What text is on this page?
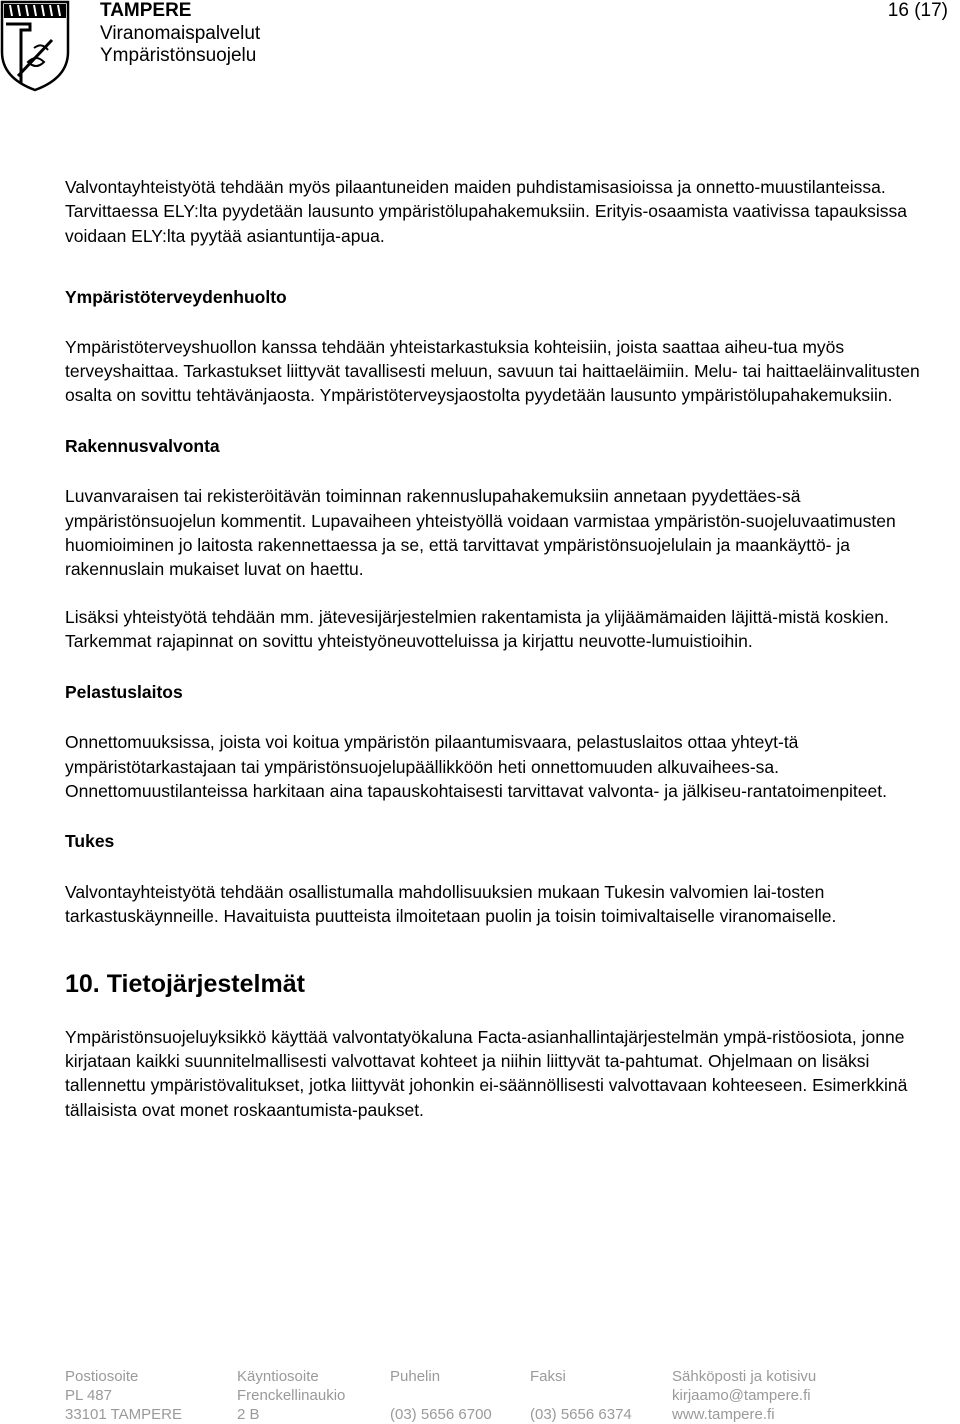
TAMPERE
Viranomaispalvelut
Ympäristönsuojelu
16 (17)

Valvontayhteistyötä tehdään myös pilaantuneiden maiden puhdistamisasioissa ja onnetto-muustilanteissa. Tarvittaessa ELY:lta pyydetään lausunto ympäristölupahakemuksiin. Erityis-osaamista vaativissa tapauksissa voidaan ELY:lta pyytää asiantuntija-apua.

Ympäristöterveydenhuolto

Ympäristöterveyshuollon kanssa tehdään yhteistarkastuksia kohteisiin, joista saattaa aiheu-tua myös terveyshaittaa. Tarkastukset liittyvät tavallisesti meluun, savuun tai haittaeläimiin. Melu- tai haittaeläinvalitusten osalta on sovittu tehtävänjaosta. Ympäristöterveysjaostolta pyydetään lausunto ympäristölupahakemuksiin.

Rakennusvalvonta

Luvanvaraisen tai rekisteröitävän toiminnan rakennuslupahakemuksiin annetaan pyydettäes-sä ympäristönsuojelun kommentit. Lupavaiheen yhteistyöllä voidaan varmistaa ympäristön-suojeluvaatimusten huomioiminen jo laitosta rakennettaessa ja se, että tarvittavat ympäristönsuojelulain ja maankäyttö- ja rakennuslain mukaiset luvat on haettu.

Lisäksi yhteistyötä tehdään mm. jätevesijärjestelmien rakentamista ja ylijäämämaiden läjittä-mistä koskien. Tarkemmat rajapinnat on sovittu yhteistyöneuvotteluissa ja kirjattu neuvotte-lumuistioihin.

Pelastuslaitos

Onnettomuuksissa, joista voi koitua ympäristön pilaantumisvaara, pelastuslaitos ottaa yhteyt-tä ympäristötarkastajaan tai ympäristönsuojelupäällikköön heti onnettomuuden alkuvaihees-sa. Onnettomuustilanteissa harkitaan aina tapauskohtaisesti tarvittavat valvonta- ja jälkiseu-rantatoimenpiteet.

Tukes

Valvontayhteistyötä tehdään osallistumalla mahdollisuuksien mukaan Tukesin valvomien lai-tosten tarkastuskäynneille. Havaituista puutteista ilmoitetaan puolin ja toisin toimivaltaiselle viranomaiselle.

10. Tietojärjestelmät

Ympäristönsuojeluyksikkö käyttää valvontatyökaluna Facta-asianhallintajärjestelmän ympä-ristöosiota, jonne kirjataan kaikki suunnitelmallisesti valvottavat kohteet ja niihin liittyvät ta-pahtumat. Ohjelmaan on lisäksi tallennettu ympäristövalitukset, jotka liittyvät johonkin ei-säännöllisesti valvottavaan kohteeseen. Esimerkkinä tällaisista ovat monet roskaantumista-paukset.

Postiosoite
PL 487
33101 TAMPERE
Käyntiosoite
Frenckellinaukio
2 B
Puhelin

(03) 5656 6700
Faksi

(03) 5656 6374
Sähköposti ja kotisivu
kirjaamo@tampere.fi
www.tampere.fi
